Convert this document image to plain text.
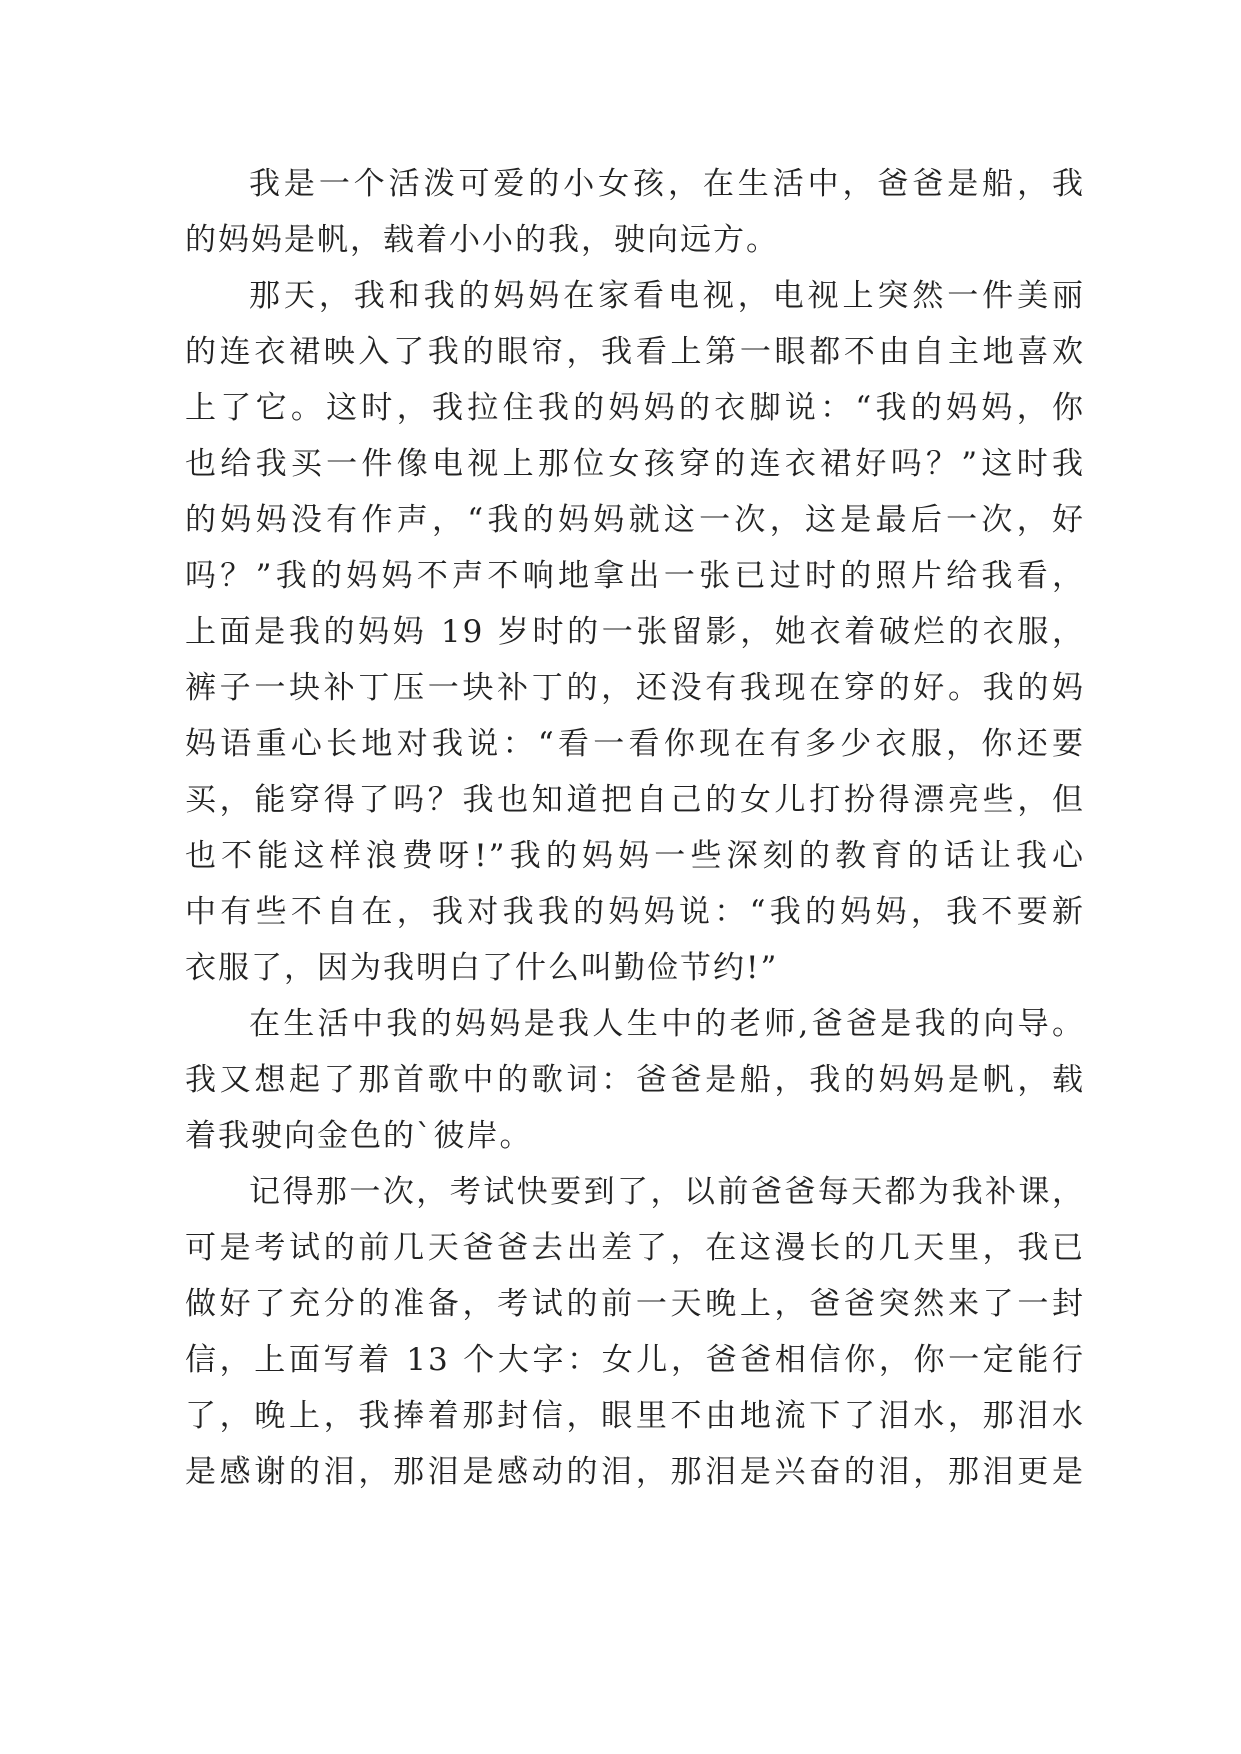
我是一个活泼可爱的小女孩，在生活中，爸爸是船，我
的妈妈是帆，载着小小的我，驶向远方。
那天，我和我的妈妈在家看电视，电视上突然一件美丽
的连衣裙映入了我的眼帘，我看上第一眼都不由自主地喜欢
上了它。这时，我拉住我的妈妈的衣脚说：“我的妈妈，你
也给我买一件像电视上那位女孩穿的连衣裙好吗？”这时我
的妈妈没有作声，“我的妈妈就这一次，这是最后一次，好
吗？”我的妈妈不声不响地拿出一张已过时的照片给我看，
上面是我的妈妈 19 岁时的一张留影，她衣着破烂的衣服，
裤子一块补丁压一块补丁的，还没有我现在穿的好。我的妈
妈语重心长地对我说：“看一看你现在有多少衣服，你还要
买，能穿得了吗？我也知道把自己的女儿打扮得漂亮些，但
也不能这样浪费呀!”我的妈妈一些深刻的教育的话让我心
中有些不自在，我对我我的妈妈说：“我的妈妈，我不要新
衣服了，因为我明白了什么叫勤俭节约!”
在生活中我的妈妈是我人生中的老师,爸爸是我的向导。
我又想起了那首歌中的歌词：爸爸是船，我的妈妈是帆，载
着我驶向金色的`彼岸。
记得那一次，考试快要到了，以前爸爸每天都为我补课，
可是考试的前几天爸爸去出差了，在这漫长的几天里，我已
做好了充分的准备，考试的前一天晚上，爸爸突然来了一封
信，上面写着 13 个大字：女儿，爸爸相信你，你一定能行
了，晚上，我捧着那封信，眼里不由地流下了泪水，那泪水
是感谢的泪，那泪是感动的泪，那泪是兴奋的泪，那泪更是
